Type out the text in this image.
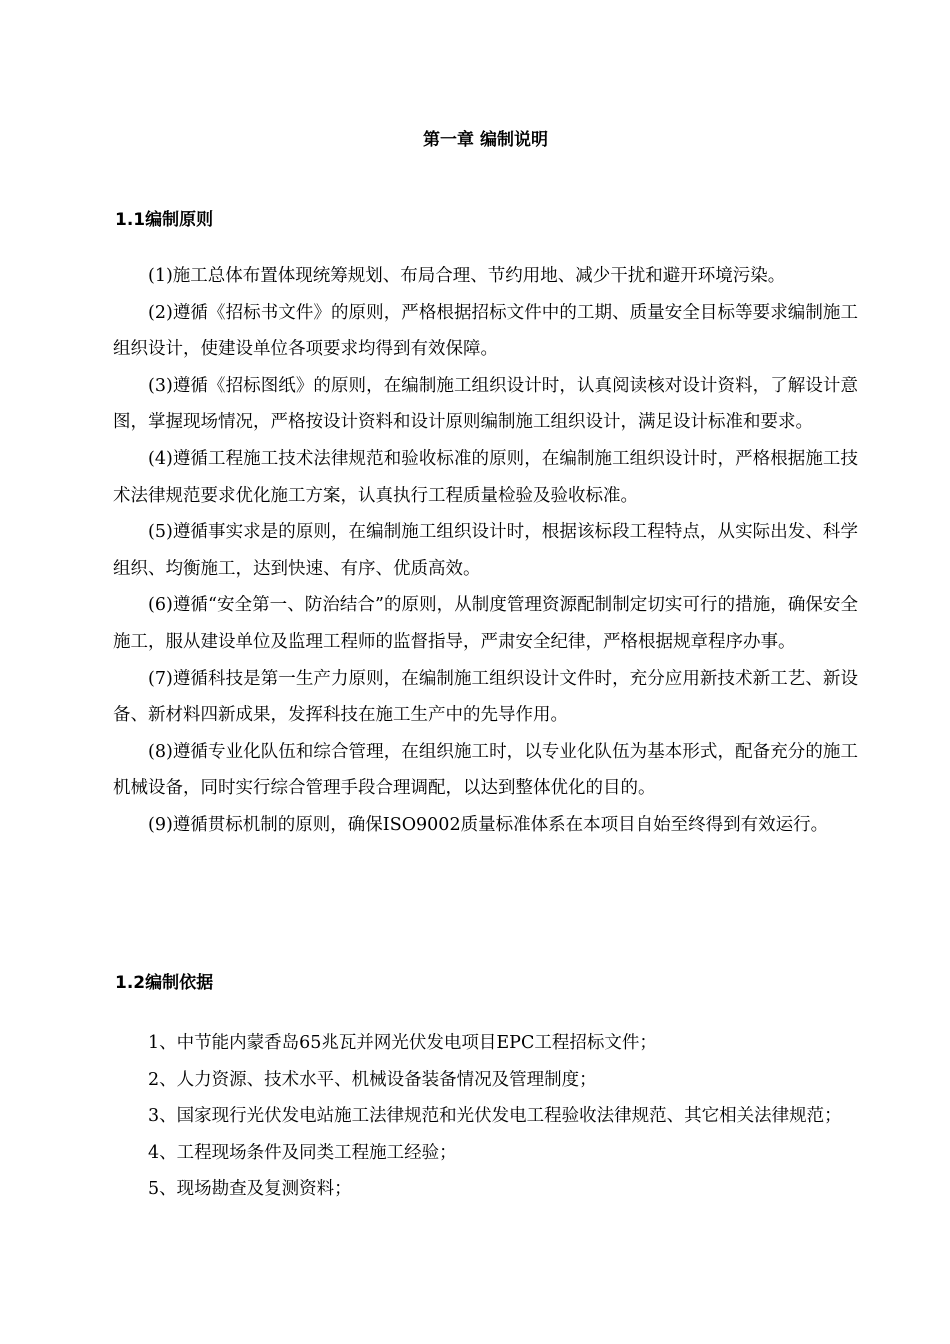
第一章 编制说明
1.1编制原则

(1)施工总体布置体现统筹规划、布局合理、节约用地、减少干扰和避开环境污染。

(2)遵循《招标书文件》的原则，严格根据招标文件中的工期、质量安全目标等要求编制施工组织设计，使建设单位各项要求均得到有效保障。

(3)遵循《招标图纸》的原则，在编制施工组织设计时，认真阅读核对设计资料，了解设计意图，掌握现场情况，严格按设计资料和设计原则编制施工组织设计，满足设计标准和要求。

(4)遵循工程施工技术法律规范和验收标准的原则，在编制施工组织设计时，严格根据施工技术法律规范要求优化施工方案，认真执行工程质量检验及验收标准。

(5)遵循事实求是的原则，在编制施工组织设计时，根据该标段工程特点，从实际出发、科学组织、均衡施工，达到快速、有序、优质高效。

(6)遵循“安全第一、防治结合”的原则，从制度管理资源配制制定切实可行的措施，确保安全施工，服从建设单位及监理工程师的监督指导，严肃安全纪律，严格根据规章程序办事。

(7)遵循科技是第一生产力原则，在编制施工组织设计文件时，充分应用新技术新工艺、新设备、新材料四新成果，发挥科技在施工生产中的先导作用。

(8)遵循专业化队伍和综合管理，在组织施工时，以专业化队伍为基本形式，配备充分的施工机械设备，同时实行综合管理手段合理调配，以达到整体优化的目的。

(9)遵循贯标机制的原则，确保ISO9002质量标准体系在本项目自始至终得到有效运行。

1.2编制依据

1、中节能内蒙香岛65兆瓦并网光伏发电项目EPC工程招标文件；

2、人力资源、技术水平、机械设备装备情况及管理制度；

3、国家现行光伏发电站施工法律规范和光伏发电工程验收法律规范、其它相关法律规范；

4、工程现场条件及同类工程施工经验；

5、现场勘查及复测资料；
